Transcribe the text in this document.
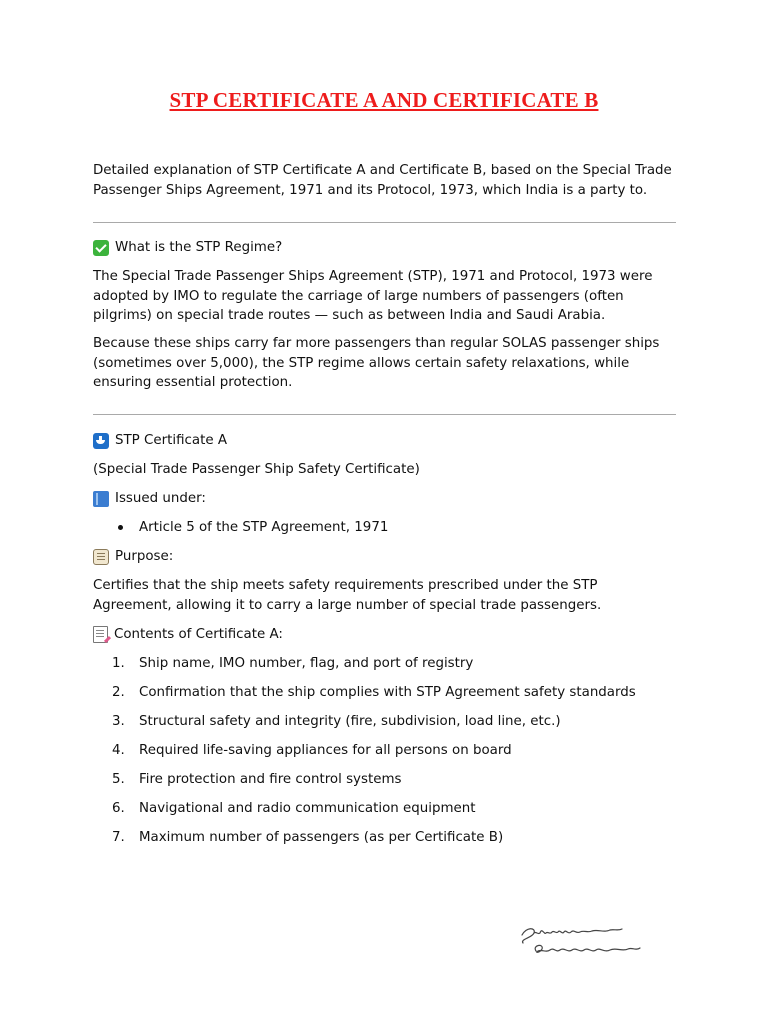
STP CERTIFICATE A AND CERTIFICATE B
Detailed explanation of STP Certificate A and Certificate B, based on the Special Trade Passenger Ships Agreement, 1971 and its Protocol, 1973, which India is a party to.
What is the STP Regime?
The Special Trade Passenger Ships Agreement (STP), 1971 and Protocol, 1973 were adopted by IMO to regulate the carriage of large numbers of passengers (often pilgrims) on special trade routes — such as between India and Saudi Arabia.
Because these ships carry far more passengers than regular SOLAS passenger ships (sometimes over 5,000), the STP regime allows certain safety relaxations, while ensuring essential protection.
STP Certificate A
(Special Trade Passenger Ship Safety Certificate)
Issued under:
Article 5 of the STP Agreement, 1971
Purpose:
Certifies that the ship meets safety requirements prescribed under the STP Agreement, allowing it to carry a large number of special trade passengers.
Contents of Certificate A:
1. Ship name, IMO number, flag, and port of registry
2. Confirmation that the ship complies with STP Agreement safety standards
3. Structural safety and integrity (fire, subdivision, load line, etc.)
4. Required life-saving appliances for all persons on board
5. Fire protection and fire control systems
6. Navigational and radio communication equipment
7. Maximum number of passengers (as per Certificate B)
